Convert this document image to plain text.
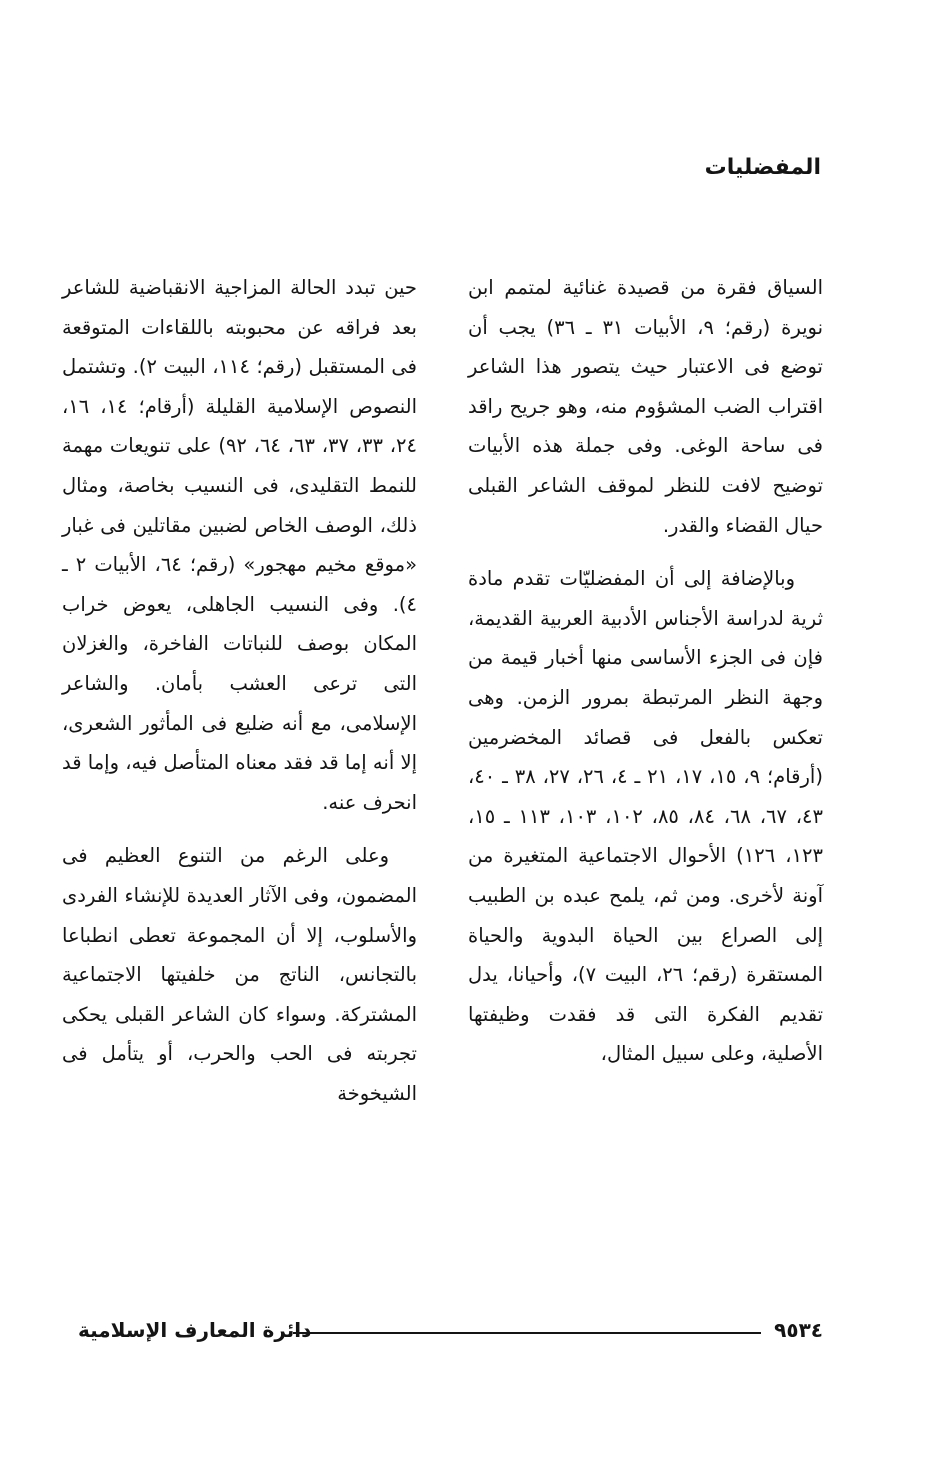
المفضليات

السياق فقرة من قصيدة غنائية لمتمم ابن نويرة (رقم؛ ٩، الأبيات ٣١ ـ ٣٦) يجب أن توضع فى الاعتبار حيث يتصور هذا الشاعر اقتراب الضب المشؤوم منه، وهو جريح راقد فى ساحة الوغى. وفى جملة هذه الأبيات توضيح لافت للنظر لموقف الشاعر القبلى حيال القضاء والقدر.

وبالإضافة إلى أن المفضليّات تقدم مادة ثرية لدراسة الأجناس الأدبية العربية القديمة، فإن فى الجزء الأساسى منها أخبار قيمة من وجهة النظر المرتبطة بمرور الزمن. وهى تعكس بالفعل فى قصائد المخضرمين (أرقام؛ ٩، ١٥، ١٧، ٢١ ـ ٤، ٢٦، ٢٧، ٣٨ ـ ٤٠، ٤٣، ٦٧، ٦٨، ٨٤، ٨٥، ١٠٢، ١٠٣، ١١٣ ـ ١٥، ١٢٣، ١٢٦) الأحوال الاجتماعية المتغيرة من آونة لأخرى. ومن ثم، يلمح عبده بن الطبيب إلى الصراع بين الحياة البدوية والحياة المستقرة (رقم؛ ٢٦، البيت ٧)، وأحيانا، يدل تقديم الفكرة التى قد فقدت وظيفتها الأصلية، وعلى سبيل المثال،

حين تبدد الحالة المزاجية الانقباضية للشاعر بعد فراقه عن محبوبته باللقاءات المتوقعة فى المستقبل (رقم؛ ١١٤، البيت ٢). وتشتمل النصوص الإسلامية القليلة (أرقام؛ ١٤، ١٦، ٢٤، ٣٣، ٣٧، ٦٣، ٦٤، ٩٢) على تنويعات مهمة للنمط التقليدى، فى النسيب بخاصة، ومثال ذلك، الوصف الخاص لضبين مقاتلين فى غبار «موقع مخيم مهجور» (رقم؛ ٦٤، الأبيات ٢ ـ ٤). وفى النسيب الجاهلى، يعوض خراب المكان بوصف للنباتات الفاخرة، والغزلان التى ترعى العشب بأمان. والشاعر الإسلامى، مع أنه ضليع فى المأثور الشعرى، إلا أنه إما قد فقد معناه المتأصل فيه، وإما قد انحرف عنه.

وعلى الرغم من التنوع العظيم فى المضمون، وفى الآثار العديدة للإنشاء الفردى والأسلوب، إلا أن المجموعة تعطى انطباعا بالتجانس، الناتج من خلفيتها الاجتماعية المشتركة. وسواء كان الشاعر القبلى يحكى تجربته فى الحب والحرب، أو يتأمل فى الشيخوخة

٩٥٣٤
دائرة المعارف الإسلامية
